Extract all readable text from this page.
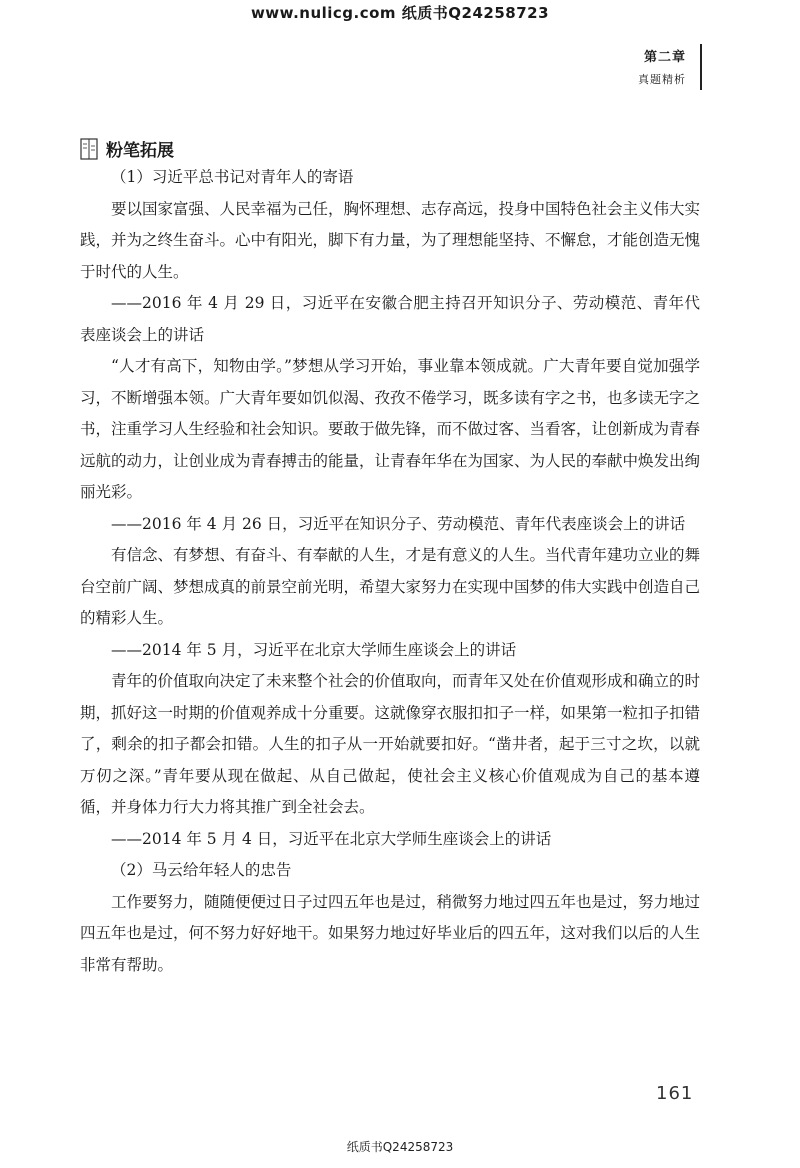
www.nulicg.com 纸质书Q24258723
第二章
真题精析
粉笔拓展

（1）习近平总书记对青年人的寄语

要以国家富强、人民幸福为己任，胸怀理想、志存高远，投身中国特色社会主义伟大实践，并为之终生奋斗。心中有阳光，脚下有力量，为了理想能坚持、不懈怠，才能创造无愧于时代的人生。

——2016 年 4 月 29 日，习近平在安徽合肥主持召开知识分子、劳动模范、青年代表座谈会上的讲话

“人才有高下，知物由学。”梦想从学习开始，事业靠本领成就。广大青年要自觉加强学习，不断增强本领。广大青年要如饥似渴、孜孜不倦学习，既多读有字之书，也多读无字之书，注重学习人生经验和社会知识。要敢于做先锋，而不做过客、当看客，让创新成为青春远航的动力，让创业成为青春搏击的能量，让青春年华在为国家、为人民的奉献中焕发出绚丽光彩。

——2016 年 4 月 26 日，习近平在知识分子、劳动模范、青年代表座谈会上的讲话

有信念、有梦想、有奋斗、有奉献的人生，才是有意义的人生。当代青年建功立业的舞台空前广阔、梦想成真的前景空前光明，希望大家努力在实现中国梦的伟大实践中创造自己的精彩人生。

——2014 年 5 月，习近平在北京大学师生座谈会上的讲话

青年的价值取向决定了未来整个社会的价值取向，而青年又处在价值观形成和确立的时期，抓好这一时期的价值观养成十分重要。这就像穿衣服扣扣子一样，如果第一粒扣子扣错了，剩余的扣子都会扣错。人生的扣子从一开始就要扣好。“凿井者，起于三寸之坎，以就万仞之深。”青年要从现在做起、从自己做起，使社会主义核心价值观成为自己的基本遵循，并身体力行大力将其推广到全社会去。

——2014 年 5 月 4 日，习近平在北京大学师生座谈会上的讲话

（2）马云给年轻人的忠告

工作要努力，随随便便过日子过四五年也是过，稍微努力地过四五年也是过，努力地过四五年也是过，何不努力好好地干。如果努力地过好毕业后的四五年，这对我们以后的人生非常有帮助。

161
纸质书Q24258723
